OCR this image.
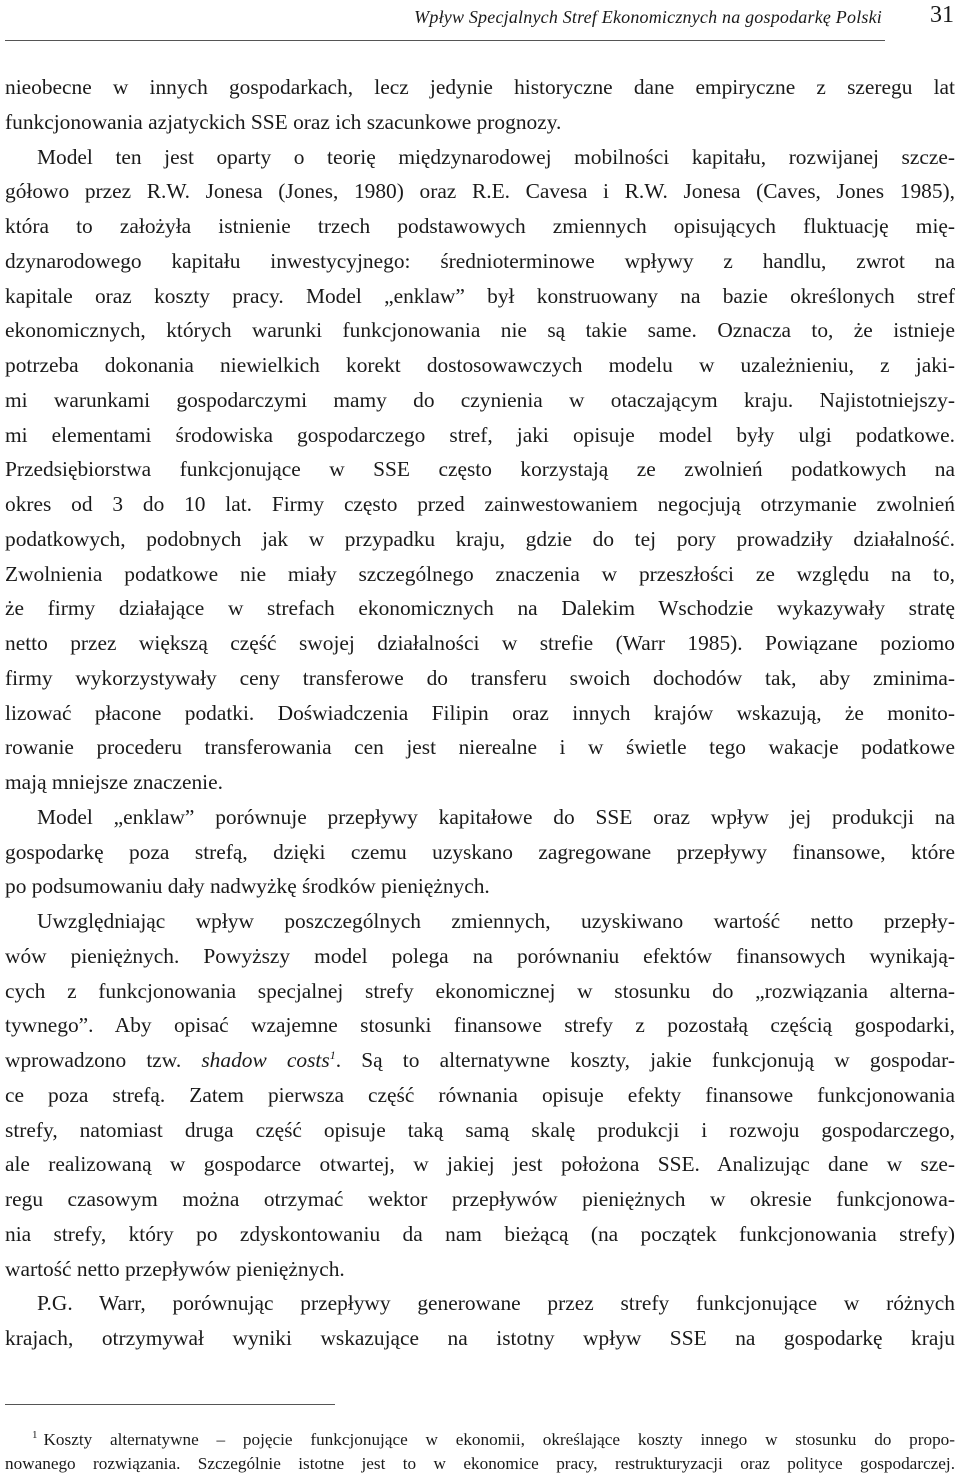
Wpływ Specjalnych Stref Ekonomicznych na gospodarkę Polski 31
nieobecne w innych gospodarkach, lecz jedynie historyczne dane empiryczne z szeregu lat
funkcjonowania azjatyckich SSE oraz ich szacunkowe prognozy.
Model ten jest oparty o teorię międzynarodowej mobilności kapitału, rozwijanej szcze-
gółowo przez R.W. Jonesa (Jones, 1980) oraz R.E. Cavesa i R.W. Jonesa (Caves, Jones 1985),
która to założyła istnienie trzech podstawowych zmiennych opisujących fluktuację mię-
dzynarodowego kapitału inwestycyjnego: średnioterminowe wpływy z handlu, zwrot na
kapitale oraz koszty pracy. Model „enklaw” był konstruowany na bazie określonych stref
ekonomicznych, których warunki funkcjonowania nie są takie same. Oznacza to, że istnieje
potrzeba dokonania niewielkich korekt dostosowawczych modelu w uzależnieniu, z jaki-
mi warunkami gospodarczymi mamy do czynienia w otaczającym kraju. Najistotniejszy-
mi elementami środowiska gospodarczego stref, jaki opisuje model były ulgi podatkowe.
Przedsiębiorstwa funkcjonujące w SSE często korzystają ze zwolnień podatkowych na
okres od 3 do 10 lat. Firmy często przed zainwestowaniem negocjują otrzymanie zwolnień
podatkowych, podobnych jak w przypadku kraju, gdzie do tej pory prowadziły działalność.
Zwolnienia podatkowe nie miały szczególnego znaczenia w przeszłości ze względu na to,
że firmy działające w strefach ekonomicznych na Dalekim Wschodzie wykazywały stratę
netto przez większą część swojej działalności w strefie (Warr 1985). Powiązane poziomo
firmy wykorzystywały ceny transferowe do transferu swoich dochodów tak, aby zminima-
lizować płacone podatki. Doświadczenia Filipin oraz innych krajów wskazują, że monito-
rowanie procederu transferowania cen jest nierealne i w świetle tego wakacje podatkowe
mają mniejsze znaczenie.
Model „enklaw” porównuje przepływy kapitałowe do SSE oraz wpływ jej produkcji na
gospodarkę poza strefą, dzięki czemu uzyskano zagregowane przepływy finansowe, które
po podsumowaniu dały nadwyżkę środków pieniężnych.
Uwzględniając wpływ poszczególnych zmiennych, uzyskiwano wartość netto przepły-
wów pieniężnych. Powyższy model polega na porównaniu efektów finansowych wynikają-
cych z funkcjonowania specjalnej strefy ekonomicznej w stosunku do „rozwiązania alterna-
tywnego”. Aby opisać wzajemne stosunki finansowe strefy z pozostałą częścią gospodarki,
wprowadzono tzw. shadow costs$^1$. Są to alternatywne koszty, jakie funkcjonują w gospodar-
ce poza strefą. Zatem pierwsza część równania opisuje efekty finansowe funkcjonowania
strefy, natomiast druga część opisuje taką samą skalę produkcji i rozwoju gospodarczego,
ale realizowaną w gospodarce otwartej, w jakiej jest położona SSE. Analizując dane w sze-
regu czasowym można otrzymać wektor przepływów pieniężnych w okresie funkcjonowa-
nia strefy, który po zdyskontowaniu da nam bieżącą (na początek funkcjonowania strefy)
wartość netto przepływów pieniężnych.
P.G. Warr, porównując przepływy generowane przez strefy funkcjonujące w różnych
krajach, otrzymywał wyniki wskazujące na istotny wpływ SSE na gospodarkę kraju
$^1$ Koszty alternatywne – pojęcie funkcjonujące w ekonomii, określające koszty innego w stosunku do propo-
nowanego rozwiązania. Szczególnie istotne jest to w ekonomice pracy, restrukturyzacji oraz polityce gospodarczej.
